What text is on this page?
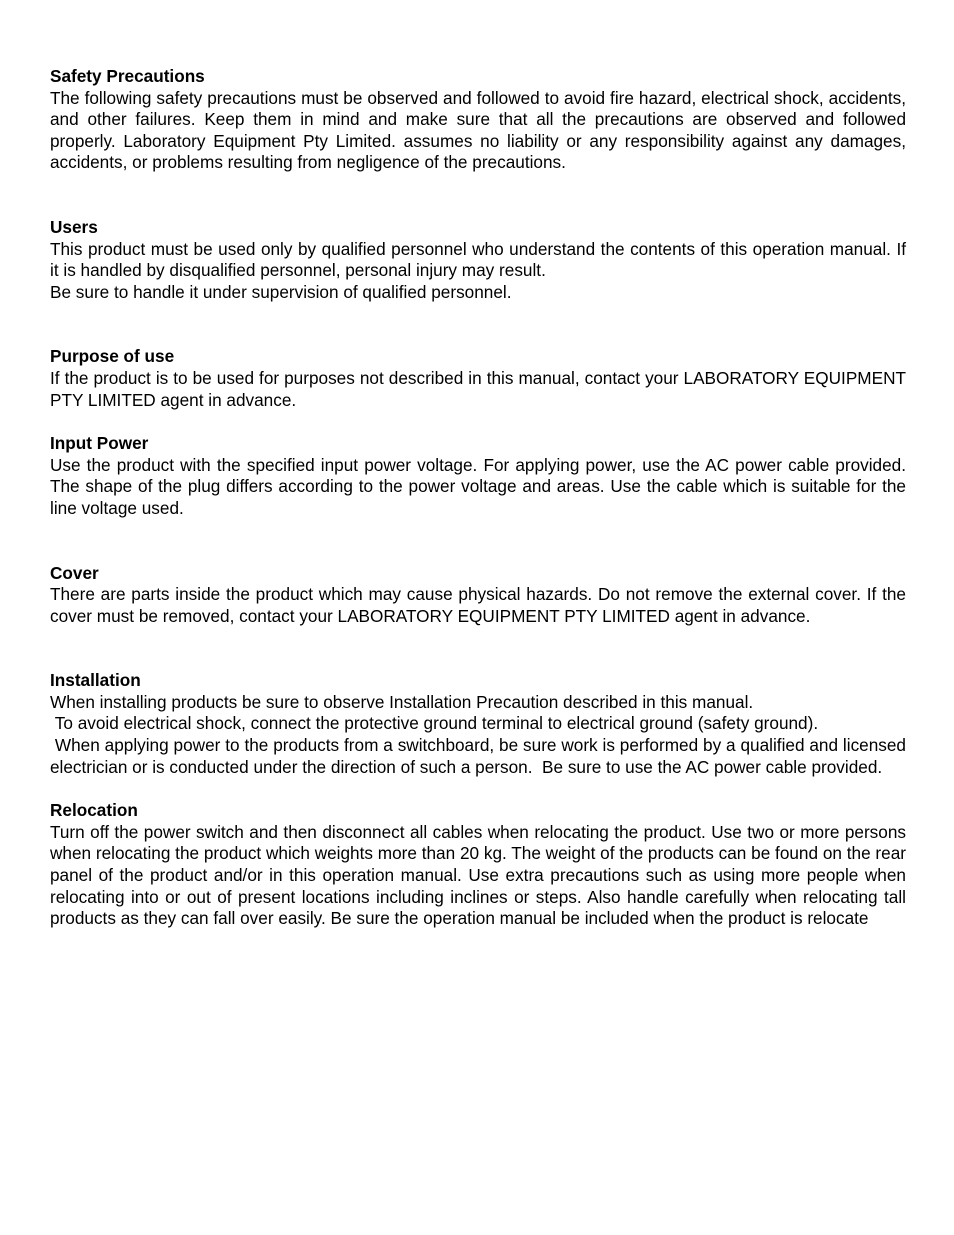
Safety Precautions

The following safety precautions must be observed and followed to avoid fire hazard, electrical shock, accidents, and other failures. Keep them in mind and make sure that all the precautions are observed and followed properly. Laboratory Equipment Pty Limited. assumes no liability or any responsibility against any damages, accidents, or problems resulting from negligence of the precautions.

Users

This product must be used only by qualified personnel who understand the contents of this operation manual. If it is handled by disqualified personnel, personal injury may result.

Be sure to handle it under supervision of qualified personnel.

Purpose of use

If the product is to be used for purposes not described in this manual, contact your LABORATORY EQUIPMENT PTY LIMITED agent in advance.

Input Power

Use the product with the specified input power voltage. For applying power, use the AC power cable provided. The shape of the plug differs according to the power voltage and areas. Use the cable which is suitable for the line voltage used.

Cover

There are parts inside the product which may cause physical hazards. Do not remove the external cover. If the cover must be removed, contact your LABORATORY EQUIPMENT PTY LIMITED agent in advance.

Installation

When installing products be sure to observe Installation Precaution described in this manual.

To avoid electrical shock, connect the protective ground terminal to electrical ground (safety ground).

When applying power to the products from a switchboard, be sure work is performed by a qualified and licensed electrician or is conducted under the direction of such a person.  Be sure to use the AC power cable provided.

Relocation

Turn off the power switch and then disconnect all cables when relocating the product. Use two or more persons when relocating the product which weights more than 20 kg. The weight of the products can be found on the rear panel of the product and/or in this operation manual. Use extra precautions such as using more people when relocating into or out of present locations including inclines or steps. Also handle carefully when relocating tall products as they can fall over easily. Be sure the operation manual be included when the product is relocate
